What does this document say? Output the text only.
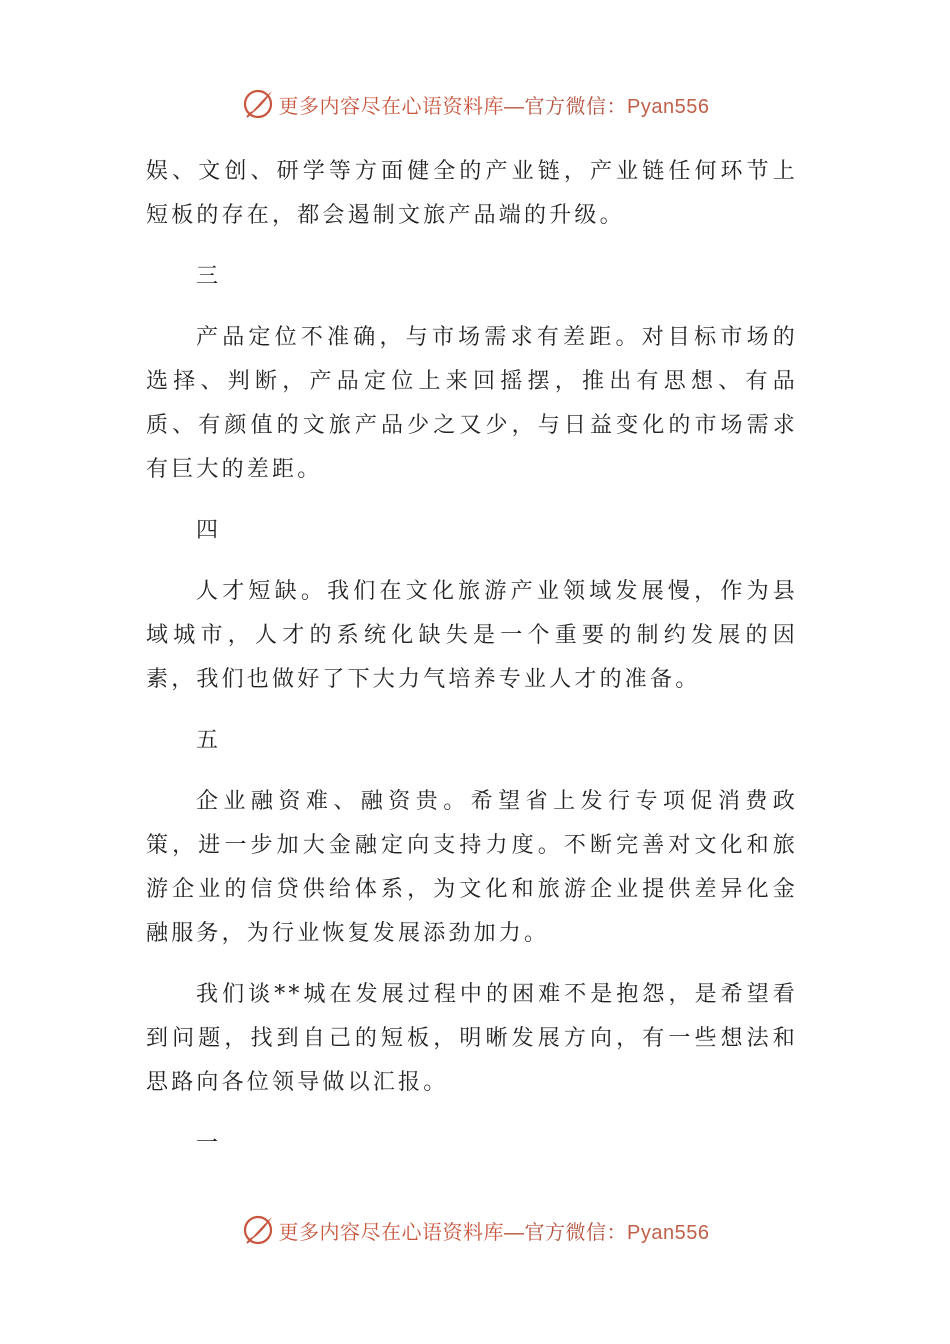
更多内容尽在心语资料库—官方微信：Pyan556

娱、文创、研学等方面健全的产业链，产业链任何环节上短板的存在，都会遏制文旅产品端的升级。

三

产品定位不准确，与市场需求有差距。对目标市场的选择、判断，产品定位上来回摇摆，推出有思想、有品质、有颜值的文旅产品少之又少，与日益变化的市场需求有巨大的差距。

四

人才短缺。我们在文化旅游产业领域发展慢，作为县域城市，人才的系统化缺失是一个重要的制约发展的因素，我们也做好了下大力气培养专业人才的准备。

五

企业融资难、融资贵。希望省上发行专项促消费政策，进一步加大金融定向支持力度。不断完善对文化和旅游企业的信贷供给体系，为文化和旅游企业提供差异化金融服务，为行业恢复发展添劲加力。

我们谈**城在发展过程中的困难不是抱怨，是希望看到问题，找到自己的短板，明晰发展方向，有一些想法和思路向各位领导做以汇报。

一

更多内容尽在心语资料库—官方微信：Pyan556
